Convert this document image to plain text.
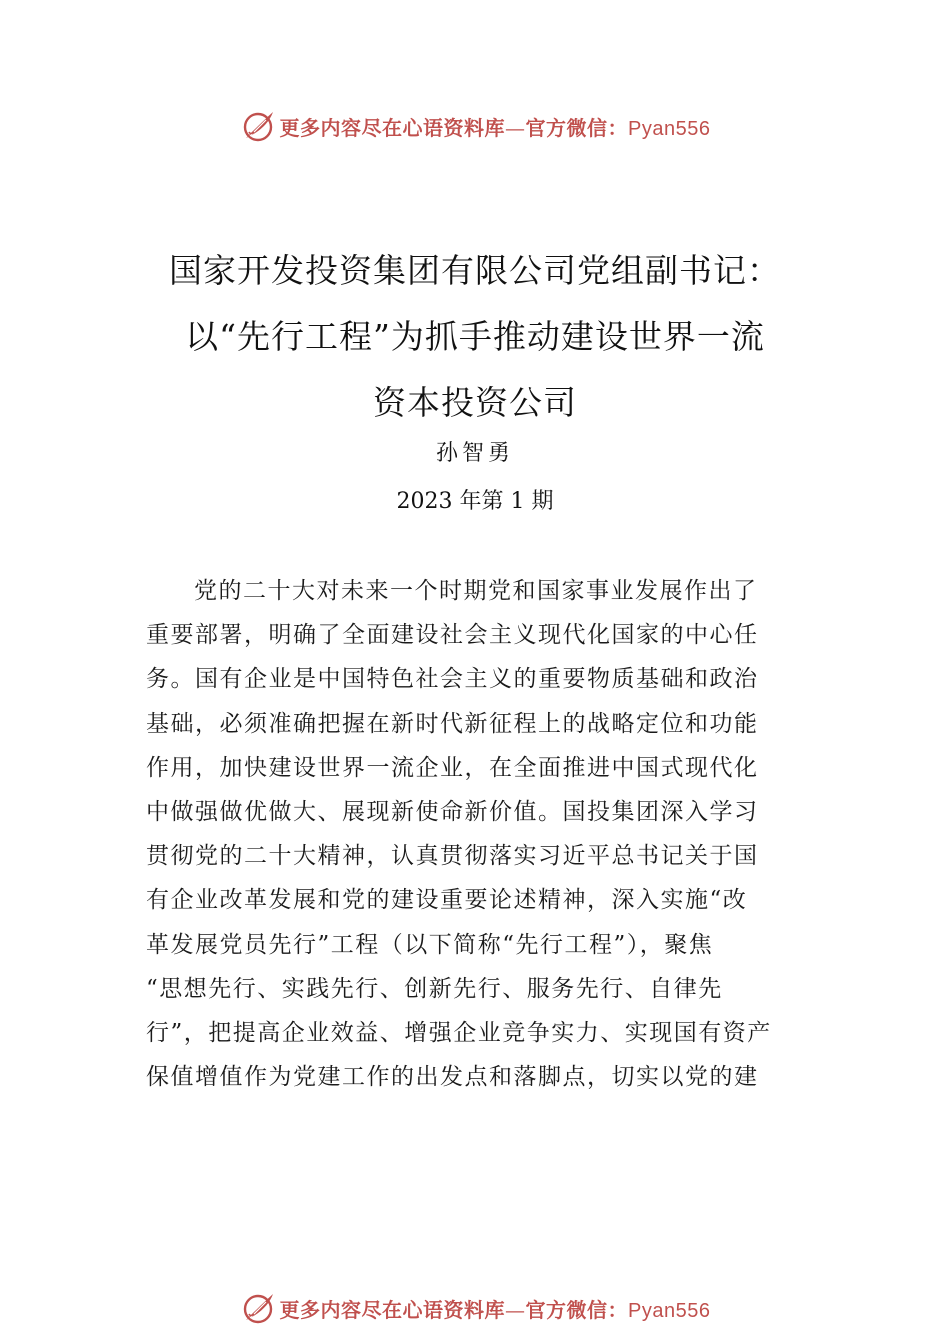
更多内容尽在心语资料库—官方微信：Pyan556
国家开发投资集团有限公司党组副书记：
以“先行工程”为抓手推动建设世界一流
资本投资公司
孙智勇
2023 年第 1 期
党的二十大对未来一个时期党和国家事业发展作出了
重要部署，明确了全面建设社会主义现代化国家的中心任
务。国有企业是中国特色社会主义的重要物质基础和政治
基础，必须准确把握在新时代新征程上的战略定位和功能
作用，加快建设世界一流企业，在全面推进中国式现代化
中做强做优做大、展现新使命新价值。国投集团深入学习
贯彻党的二十大精神，认真贯彻落实习近平总书记关于国
有企业改革发展和党的建设重要论述精神，深入实施“改
革发展党员先行”工程（以下简称“先行工程”），聚焦
“思想先行、实践先行、创新先行、服务先行、自律先
行”，把提高企业效益、增强企业竞争实力、实现国有资产
保值增值作为党建工作的出发点和落脚点，切实以党的建
更多内容尽在心语资料库—官方微信：Pyan556
